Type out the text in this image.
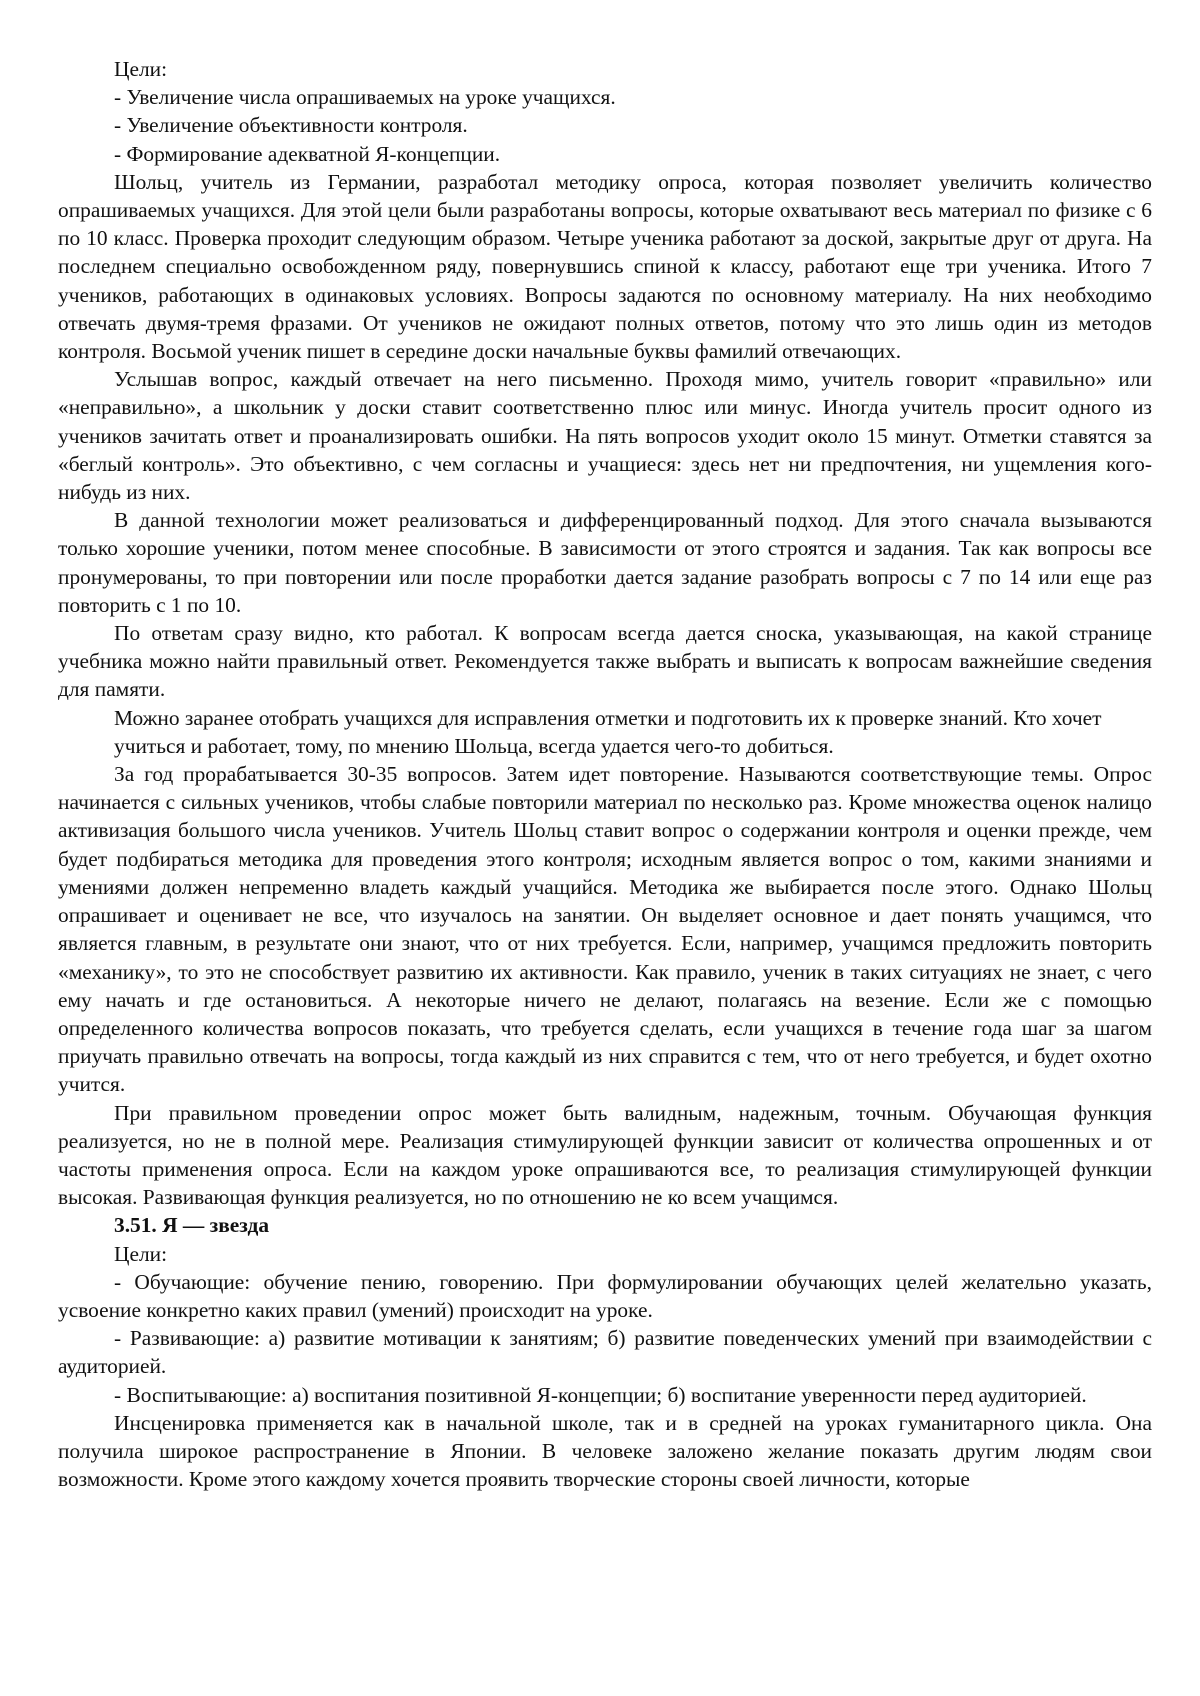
Цели:

- Увеличение числа опрашиваемых на уроке учащихся.

- Увеличение объективности контроля.

- Формирование адекватной Я-концепции.

Шольц, учитель из Германии, разработал методику опроса, которая позволяет увеличить количество опрашиваемых учащихся. Для этой цели были разработаны вопросы, которые охватывают весь материал по физике с 6 по 10 класс. Проверка проходит следующим образом. Четыре ученика работают за доской, закрытые друг от друга. На последнем специально освобожденном ряду, повернувшись спиной к классу, работают еще три ученика. Итого 7 учеников, работающих в одинаковых условиях. Вопросы задаются по основному материалу. На них необходимо отвечать двумя-тремя фразами. От учеников не ожидают полных ответов, потому что это лишь один из методов контроля. Восьмой ученик пишет в середине доски начальные буквы фамилий отвечающих.

Услышав вопрос, каждый отвечает на него письменно. Проходя мимо, учитель говорит «правильно» или «неправильно», а школьник у доски ставит соответственно плюс или минус. Иногда учитель просит одного из учеников зачитать ответ и проанализировать ошибки. На пять вопросов уходит около 15 минут. Отметки ставятся за «беглый контроль». Это объективно, с чем согласны и учащиеся: здесь нет ни предпочтения, ни ущемления кого-нибудь из них.

В данной технологии может реализоваться и дифференцированный подход. Для этого сначала вызываются только хорошие ученики, потом менее способные. В зависимости от этого строятся и задания. Так как вопросы все пронумерованы, то при повторении или после проработки дается задание разобрать вопросы с 7 по 14 или еще раз повторить с 1 по 10.

По ответам сразу видно, кто работал. К вопросам всегда дается сноска, указывающая, на какой странице учебника можно найти правильный ответ. Рекомендуется также выбрать и выписать к вопросам важнейшие сведения для памяти.

Можно заранее отобрать учащихся для исправления отметки и подготовить их к проверке знаний. Кто хочет

учиться и работает, тому, по мнению Шольца, всегда удается чего-то добиться.

За год прорабатывается 30-35 вопросов. Затем идет повторение. Называются соответствующие темы. Опрос начинается с сильных учеников, чтобы слабые повторили материал по несколько раз. Кроме множества оценок налицо активизация большого числа учеников. Учитель Шольц ставит вопрос о содержании контроля и оценки прежде, чем будет подбираться методика для проведения этого контроля; исходным является вопрос о том, какими знаниями и умениями должен непременно владеть каждый учащийся. Методика же выбирается после этого. Однако Шольц опрашивает и оценивает не все, что изучалось на занятии. Он выделяет основное и дает понять учащимся, что является главным, в результате они знают, что от них требуется. Если, например, учащимся предложить повторить «механику», то это не способствует развитию их активности. Как правило, ученик в таких ситуациях не знает, с чего ему начать и где остановиться. А некоторые ничего не делают, полагаясь на везение. Если же с помощью определенного количества вопросов показать, что требуется сделать, если учащихся в течение года шаг за шагом приучать правильно отвечать на вопросы, тогда каждый из них справится с тем, что от него требуется, и будет охотно учится.

При правильном проведении опрос может быть валидным, надежным, точным. Обучающая функция реализуется, но не в полной мере. Реализация стимулирующей функции зависит от количества опрошенных и от частоты применения опроса. Если на каждом уроке опрашиваются все, то реализация стимулирующей функции высокая. Развивающая функция реализуется, но по отношению не ко всем учащимся.

3.51. Я — звезда

Цели:

- Обучающие: обучение пению, говорению. При формулировании обучающих целей желательно указать, усвоение конкретно каких правил (умений) происходит на уроке.

- Развивающие: а) развитие мотивации к занятиям; б) развитие поведенческих умений при взаимодействии с аудиторией.

- Воспитывающие: а) воспитания позитивной Я-концепции; б) воспитание уверенности перед аудиторией.

Инсценировка применяется как в начальной школе, так и в средней на уроках гуманитарного цикла. Она получила широкое распространение в Японии. В человеке заложено желание показать другим людям свои возможности. Кроме этого каждому хочется проявить творческие стороны своей личности, которые
